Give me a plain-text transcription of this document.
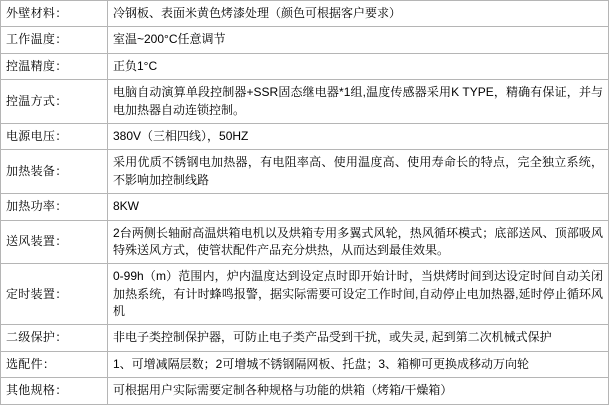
外壁材料：	冷钢板、表面米黄色烤漆处理（颜色可根据客户要求）
工作温度：	室温~200°C任意调节
控温精度：	正负1°C
控温方式：	电脑自动演算单段控制器+SSR固态继电器*1组,温度传感器采用K TYPE，精确有保证，并与电加热器自动连锁控制。
电源电压：	380V（三相四线），50HZ
加热装备：	采用优质不锈钢电加热器，有电阻率高、使用温度高、使用寿命长的特点，完全独立系统，不影响加控制线路
加热功率：	8KW
送风装置：	2台两侧长轴耐高温烘箱电机以及烘箱专用多翼式风轮，热风循环模式；底部送风、顶部吸风特殊送风方式，使管状配件产品充分烘热，从而达到最佳效果。
定时装置：	0-99h（m）范围内，炉内温度达到设定点时即开始计时，当烘烤时间到达设定时间自动关闭加热系统，有计时蜂鸣报警，据实际需要可设定工作时间,自动停止电加热器,延时停止循环风机
二级保护：	非电子类控制保护器，可防止电子类产品受到干扰，或失灵, 起到第二次机械式保护
选配件：	1、可增减隔层数；2可增城不锈钢隔网板、托盘；3、箱柳可更换成移动万向轮
其他规格：	可根据用户实际需要定制各种规格与功能的烘箱（烤箱/干燥箱）
